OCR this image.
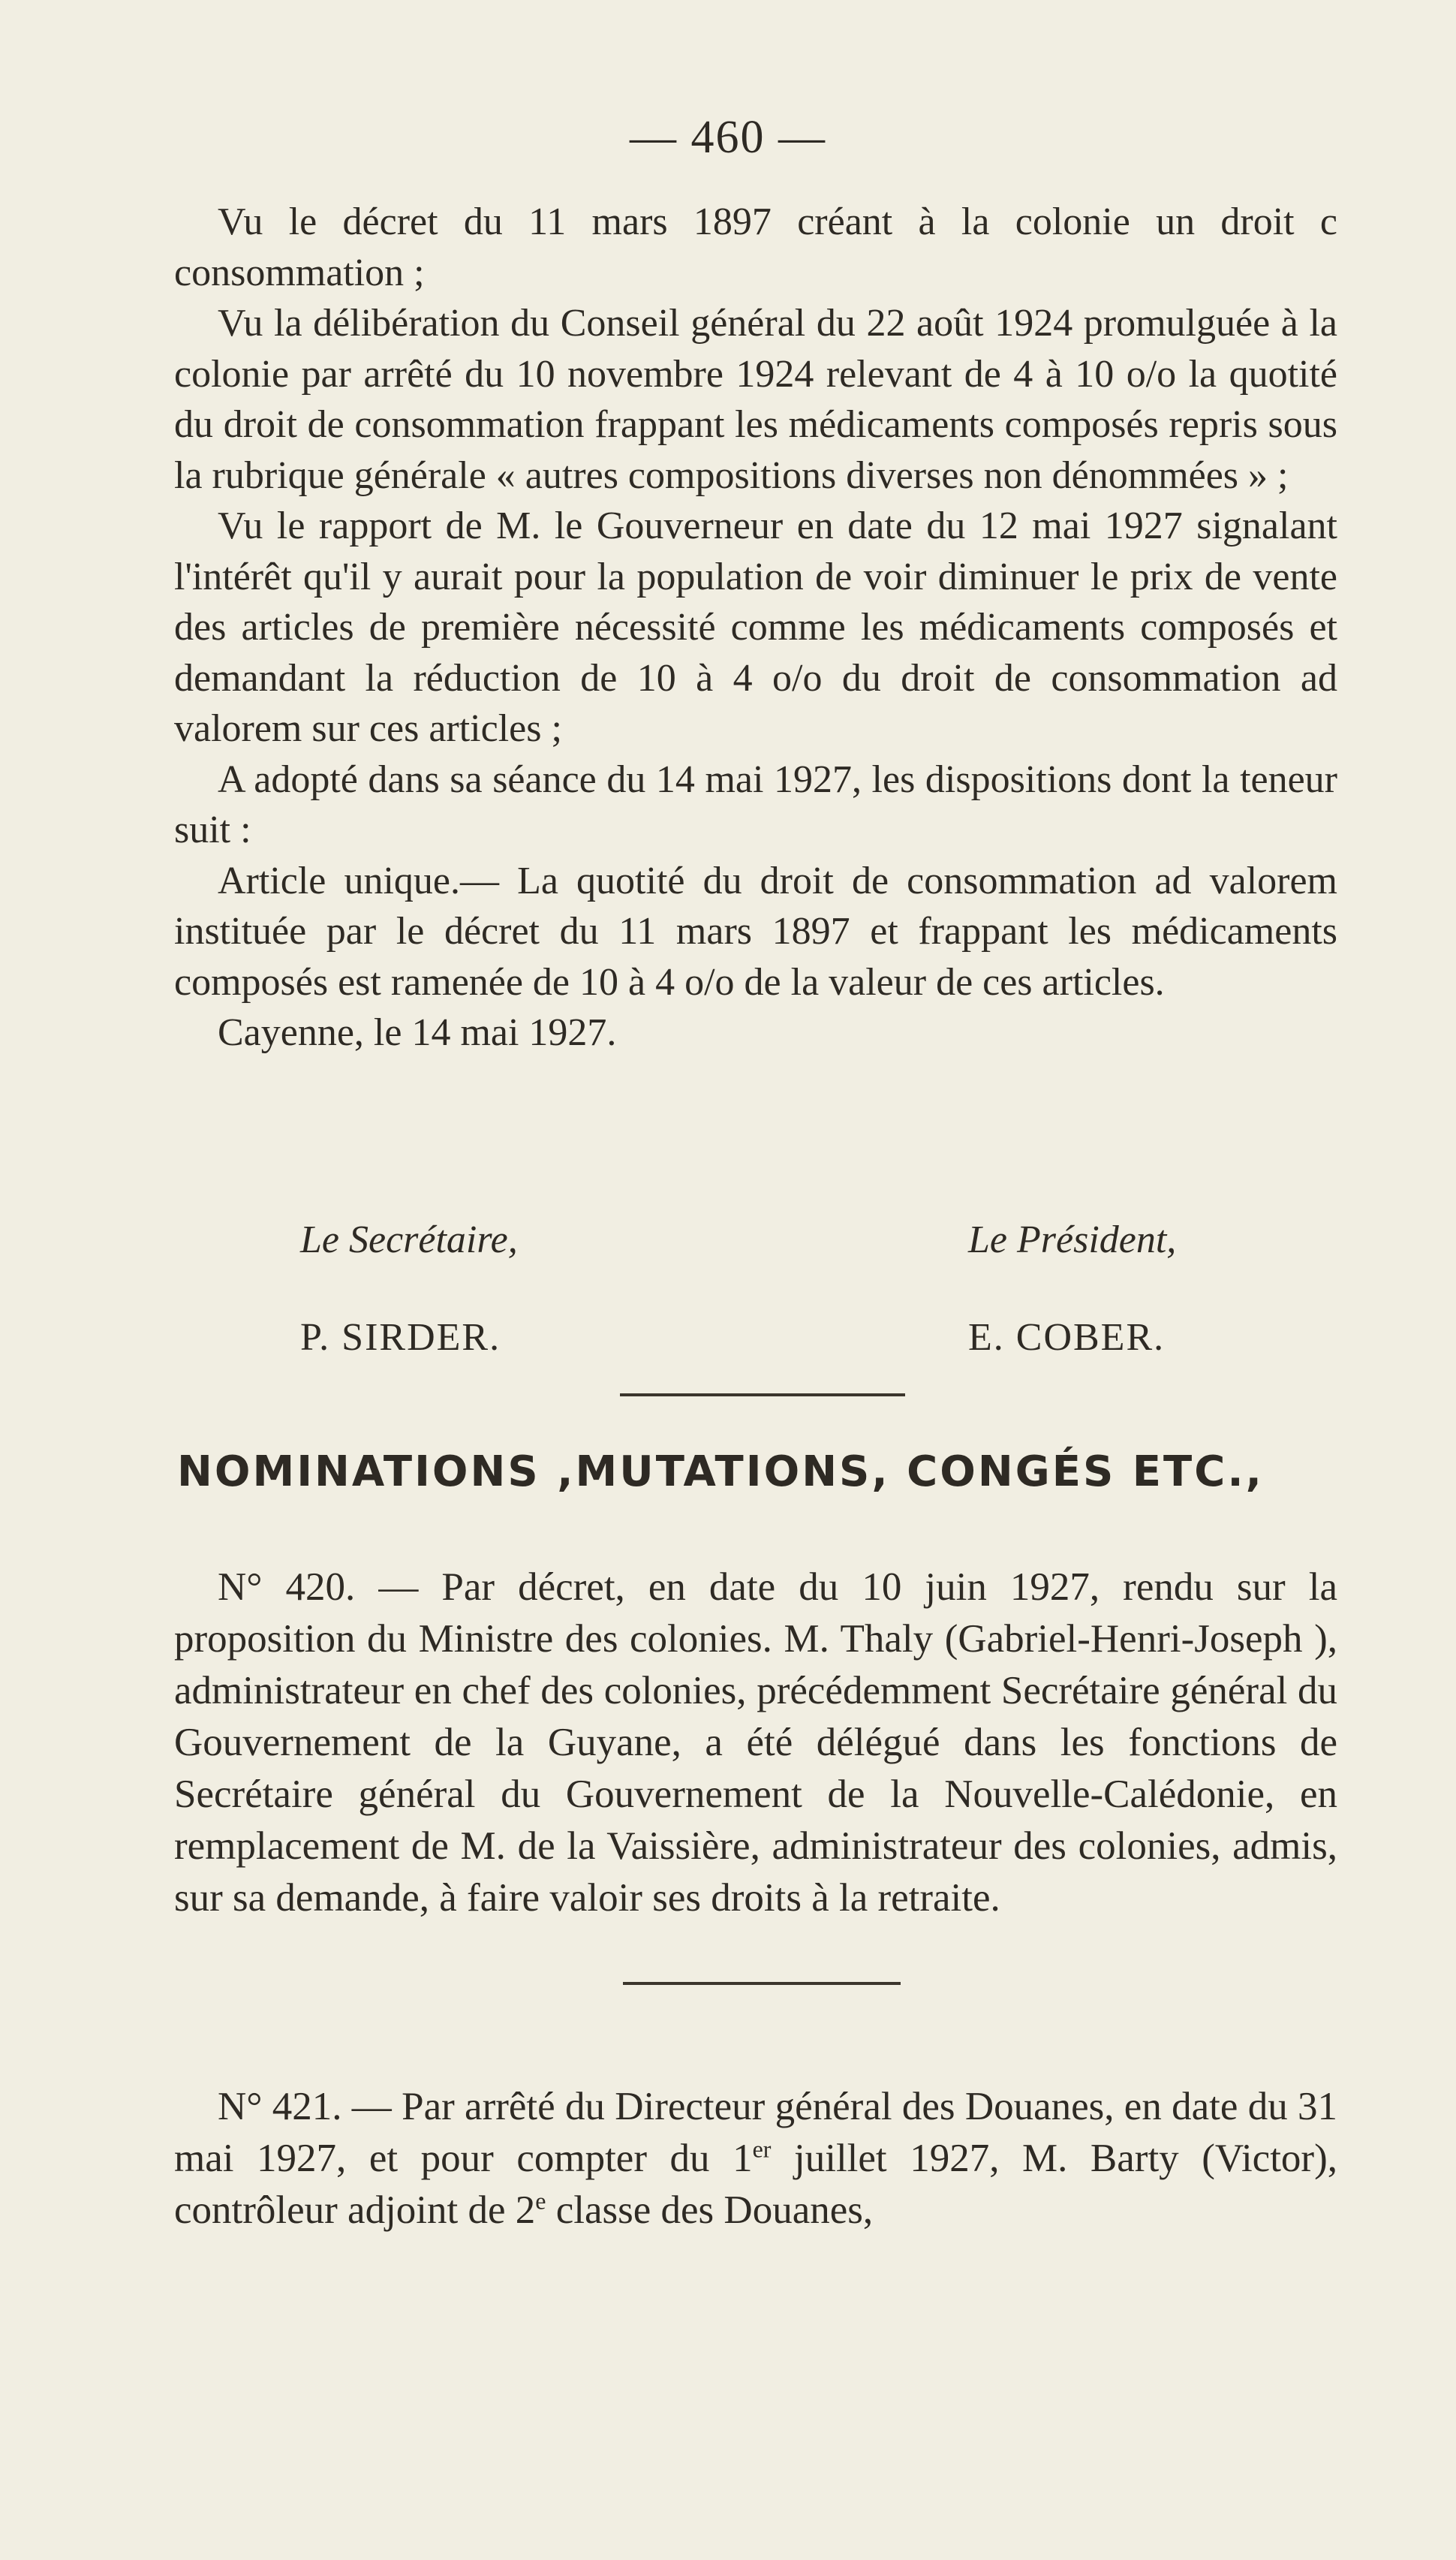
— 460 —

Vu le décret du 11 mars 1897 créant à la colonie un droit c consommation ;

Vu la délibération du Conseil général du 22 août 1924 promulguée à la colonie par arrêté du 10 novembre 1924 relevant de 4 à 10 o/o la quotité du droit de consommation frappant les médicaments composés repris sous la rubrique générale « autres compositions diverses non dénommées » ;

Vu le rapport de M. le Gouverneur en date du 12 mai 1927 signalant l'intérêt qu'il y aurait pour la population de voir diminuer le prix de vente des articles de première nécessité comme les médicaments composés et demandant la réduction de 10 à 4 o/o du droit de consommation ad valorem sur ces articles ;

A adopté dans sa séance du 14 mai 1927, les dispositions dont la teneur suit :

Article unique.— La quotité du droit de consommation ad valorem instituée par le décret du 11 mars 1897 et frappant les médicaments composés est ramenée de 10 à 4 o/o de la valeur de ces articles.

Cayenne, le 14 mai 1927.

Le Secrétaire,	Le Président,
P. SIRDER.	E. COBER.
NOMINATIONS ,MUTATIONS, CONGÉS ETC.,

N° 420. — Par décret, en date du 10 juin 1927, rendu sur la proposition du Ministre des colonies. M. Thaly (Gabriel-Henri-Joseph ), administrateur en chef des colonies, précédemment Secrétaire général du Gouvernement de la Guyane, a été délégué dans les fonctions de Secrétaire général du Gouvernement de la Nouvelle-Calédonie, en remplacement de M. de la Vaissière, administrateur des colonies, admis, sur sa demande, à faire valoir ses droits à la retraite.

N° 421. — Par arrêté du Directeur général des Douanes, en date du 31 mai 1927, et pour compter du 1er juillet 1927, M. Barty (Victor), contrôleur adjoint de 2e classe des Douanes,
